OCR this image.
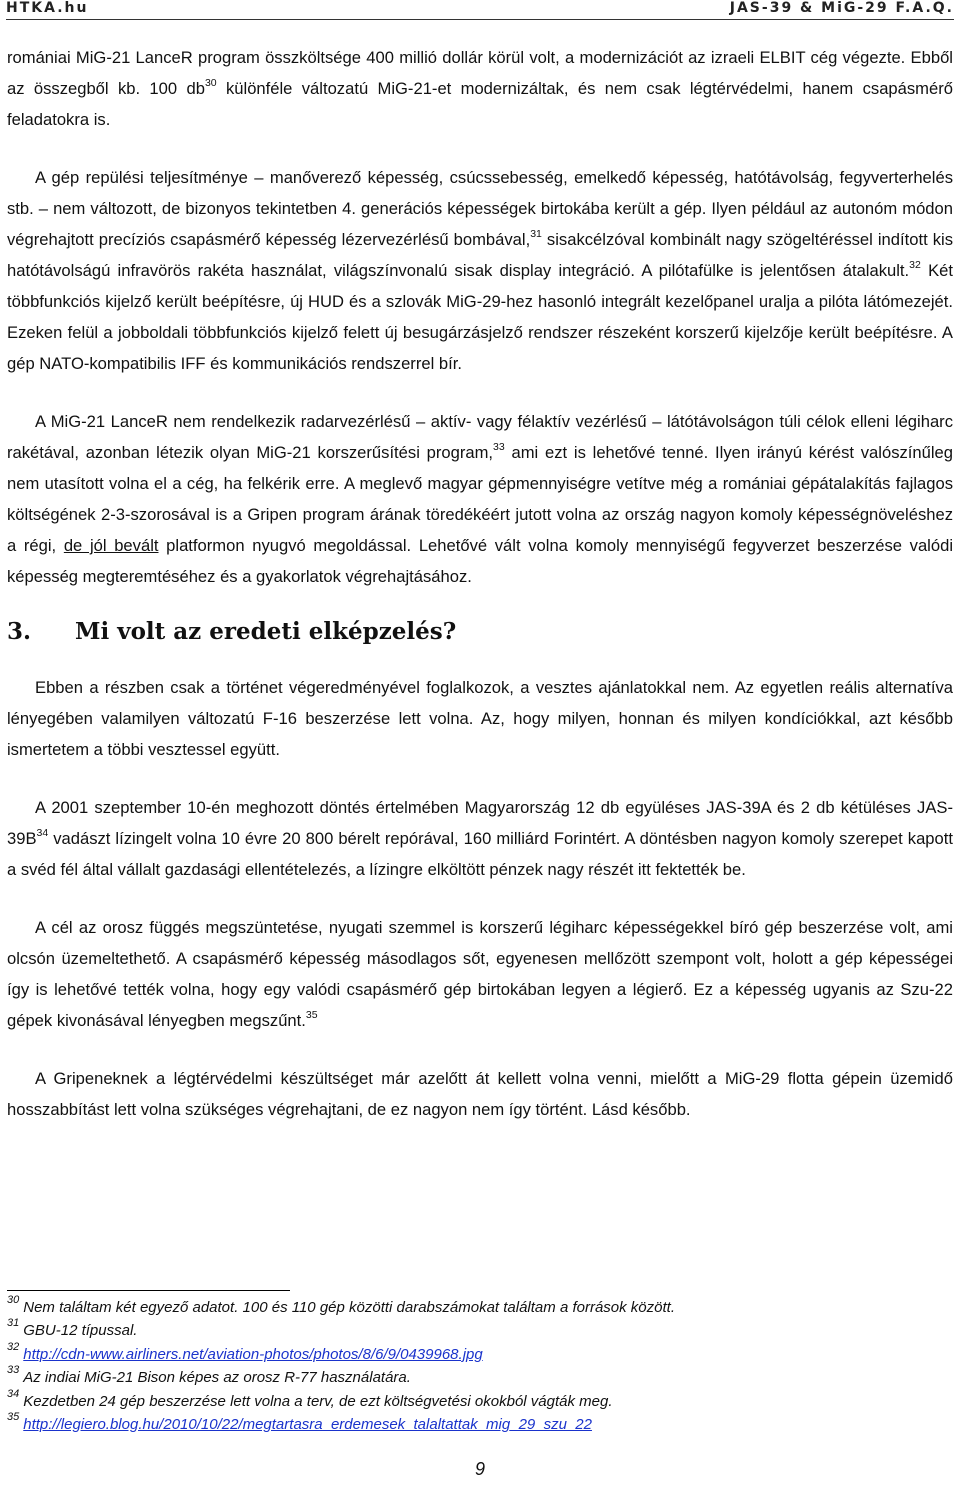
HTKA.hu	JAS-39 & MiG-29 F.A.Q.

romániai MiG-21 LanceR program összköltsége 400 millió dollár körül volt, a modernizációt az izraeli ELBIT cég végezte. Ebből az összegből kb. 100 $db^{30}$ különféle változatú MiG-21-et modernizáltak, és nem csak légtérvédelmi, hanem csapásmérő feladatokra is.

A gép repülési teljesítménye – manőverező képesség, csúcssebesség, emelkedő képesség, hatótávolság, fegyverterhelés stb. – nem változott, de bizonyos tekintetben 4. generációs képességek birtokába került a gép. Ilyen például az autonóm módon végrehajtott precíziós csapásmérő képesség lézervezérlésű bombával,$^{31}$ sisakcélzóval kombinált nagy szögeltéréssel indított kis hatótávolságú infravörös rakéta használat, világszínvonalú sisak display integráció. A pilótafülke is jelentősen átalakult.$^{32}$ Két többfunkciós kijelző került beépítésre, új HUD és a szlovák MiG-29-hez hasonló integrált kezelőpanel uralja a pilóta látómezejét. Ezeken felül a jobboldali többfunkciós kijelző felett új besugárzásjelző rendszer részeként korszerű kijelzője került beépítésre. A gép NATO-kompatibilis IFF és kommunikációs rendszerrel bír.

A MiG-21 LanceR nem rendelkezik radarvezérlésű – aktív- vagy félaktív vezérlésű – látótávolságon túli célok elleni légiharc rakétával, azonban létezik olyan MiG-21 korszerűsítési program,$^{33}$ ami ezt is lehetővé tenné. Ilyen irányú kérést valószínűleg nem utasított volna el a cég, ha felkérik erre. A meglevő magyar gépmennyiségre vetítve még a romániai gépátalakítás fajlagos költségének 2-3-szorosával is a Gripen program árának töredékéért jutott volna az ország nagyon komoly képességnöveléshez a régi, de jól bevált platformon nyugvó megoldással. Lehetővé vált volna komoly mennyiségű fegyverzet beszerzése valódi képesség megteremtéséhez és a gyakorlatok végrehajtásához.

3. Mi volt az eredeti elképzelés?

Ebben a részben csak a történet végeredményével foglalkozok, a vesztes ajánlatokkal nem. Az egyetlen reális alternatíva lényegében valamilyen változatú F-16 beszerzése lett volna. Az, hogy milyen, honnan és milyen kondíciókkal, azt később ismertetem a többi vesztessel együtt.

A 2001 szeptember 10-én meghozott döntés értelmében Magyarország 12 db együléses JAS-39A és 2 db kétüléses JAS-$39B^{34}$ vadászt lízingelt volna 10 évre 20 800 bérelt repórával, 160 milliárd Forintért. A döntésben nagyon komoly szerepet kapott a svéd fél által vállalt gazdasági ellentételezés, a lízingre elköltött pénzek nagy részét itt fektették be.

A cél az orosz függés megszüntetése, nyugati szemmel is korszerű légiharc képességekkel bíró gép beszerzése volt, ami olcsón üzemeltethető. A csapásmérő képesség másodlagos sőt, egyenesen mellőzött szempont volt, holott a gép képességei így is lehetővé tették volna, hogy egy valódi csapásmérő gép birtokában legyen a légierő. Ez a képesség ugyanis az Szu-22 gépek kivonásával lényegben megszűnt.$^{35}$

A Gripeneknek a légtérvédelmi készültséget már azelőtt át kellett volna venni, mielőtt a MiG-29 flotta gépein üzemidő hosszabbítást lett volna szükséges végrehajtani, de ez nagyon nem így történt. Lásd később.

$^{30}$ Nem találtam két egyező adatot. 100 és 110 gép közötti darabszámokat találtam a források között.
$^{31}$ GBU-12 típussal.
$^{32}$ http://cdn-www.airliners.net/aviation-photos/photos/8/6/9/0439968.jpg
$^{33}$ Az indiai MiG-21 Bison képes az orosz R-77 használatára.
$^{34}$ Kezdetben 24 gép beszerzése lett volna a terv, de ezt költségvetési okokból vágták meg.
$^{35}$ http://legiero.blog.hu/2010/10/22/megtartasra_erdemesek_talaltattak_mig_29_szu_22
9
